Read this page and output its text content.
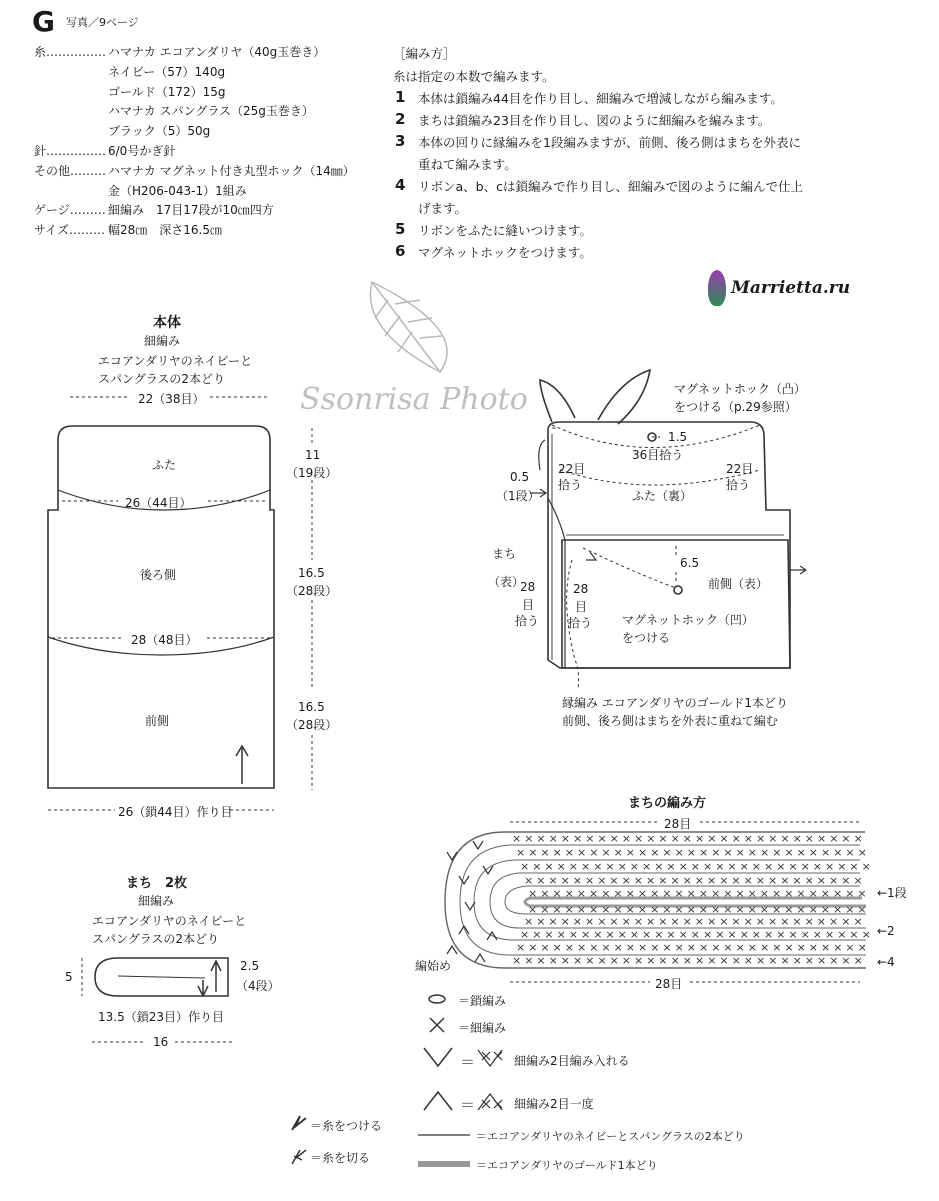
G 写真／9ページ
糸…………… ハマナカ エコアンダリヤ（40g玉巻き）
ネイビー（57）140g
ゴールド（172）15g
ハマナカ スパングラス（25g玉巻き）
ブラック（5）50g
針…………… 6/0号かぎ針
その他……… ハマナカ マグネット付き丸型ホック（14㎜）
金（H206-043-1）1組み
ゲージ……… 細編み　17目17段が10㎝四方
サイズ……… 幅28㎝　深さ16.5㎝
［編み方］
糸は指定の本数で編みます。
1 本体は鎖編み44目を作り目し、細編みで増減しながら編みます。
2 まちは鎖編み23目を作り目し、図のように細編みを編みます。
3 本体の回りに縁編みを1段編みますが、前側、後ろ側はまちを外表に
重ねて編みます。
4 リボンa、b、cは鎖編みで作り目し、細編みで図のように編んで仕上
げます。
5 リボンをふたに縫いつけます。
6 マグネットホックをつけます。
Marrietta.ru
Ssonrisa Photo
× × × × × × × × × × × × × × × × × × × × × × × × × × × × ×
× × × × × × × × × × × × × × × × × × × × × × × × × × × × ×
× × × × × × × × × × × × × × × × × × × × × × × × × × × × ×
× × × × × × × × × × × × × × × × × × × × × × × × × × × ×
× × × × × × × × × × × × × × × × × × × × × × × × × × × ×
× × × × × × × × × × × × × × × × × × × × × × × × × × × ×
× × × × × × × × × × × × × × × × × × × × × × × × × × × ×
× × × × × × × × × × × × × × × × × × × × × × × × × × × × ×
× × × × × × × × × × × × × × × × × × × × × × × × × × × × ×
× × × × × × × × × × × × × × × × × × × × × × × × × × × × ×
本体
細編み
エコアンダリヤのネイビーと
スパングラスの2本どり
22（38目）
ふた
26（44目）
後ろ側
28（48目）
前側
26（鎖44目）作り目
11
（19段）
16.5
（28段）
16.5
（28段）
まち　2枚
細編み
エコアンダリヤのネイビーと
スパングラスの2本どり
5
2.5
（4段）
13.5（鎖23目）作り目
16
マグネットホック（凸）
をつける（p.29参照）
1.5
36目拾う
22目
拾う
22目
拾う
0.5
（1段）	ふた（裏）
まち
（表）
6.5
前側（表）
28
目
拾う
28
目
拾う マグネットホック（凹）
をつける
縁編み エコアンダリヤのゴールド1本どり
前側、後ろ側はまちを外表に重ねて編む
まちの編み方
28目
28目
編始め
←1段
←2
←4
＝鎖編み
＝細編み
＝	細編み2目編み入れる
＝	細編み2目一度
＝エコアンダリヤのネイビーとスパングラスの2本どり
＝エコアンダリヤのゴールド1本どり
＝糸をつける
＝糸を切る
